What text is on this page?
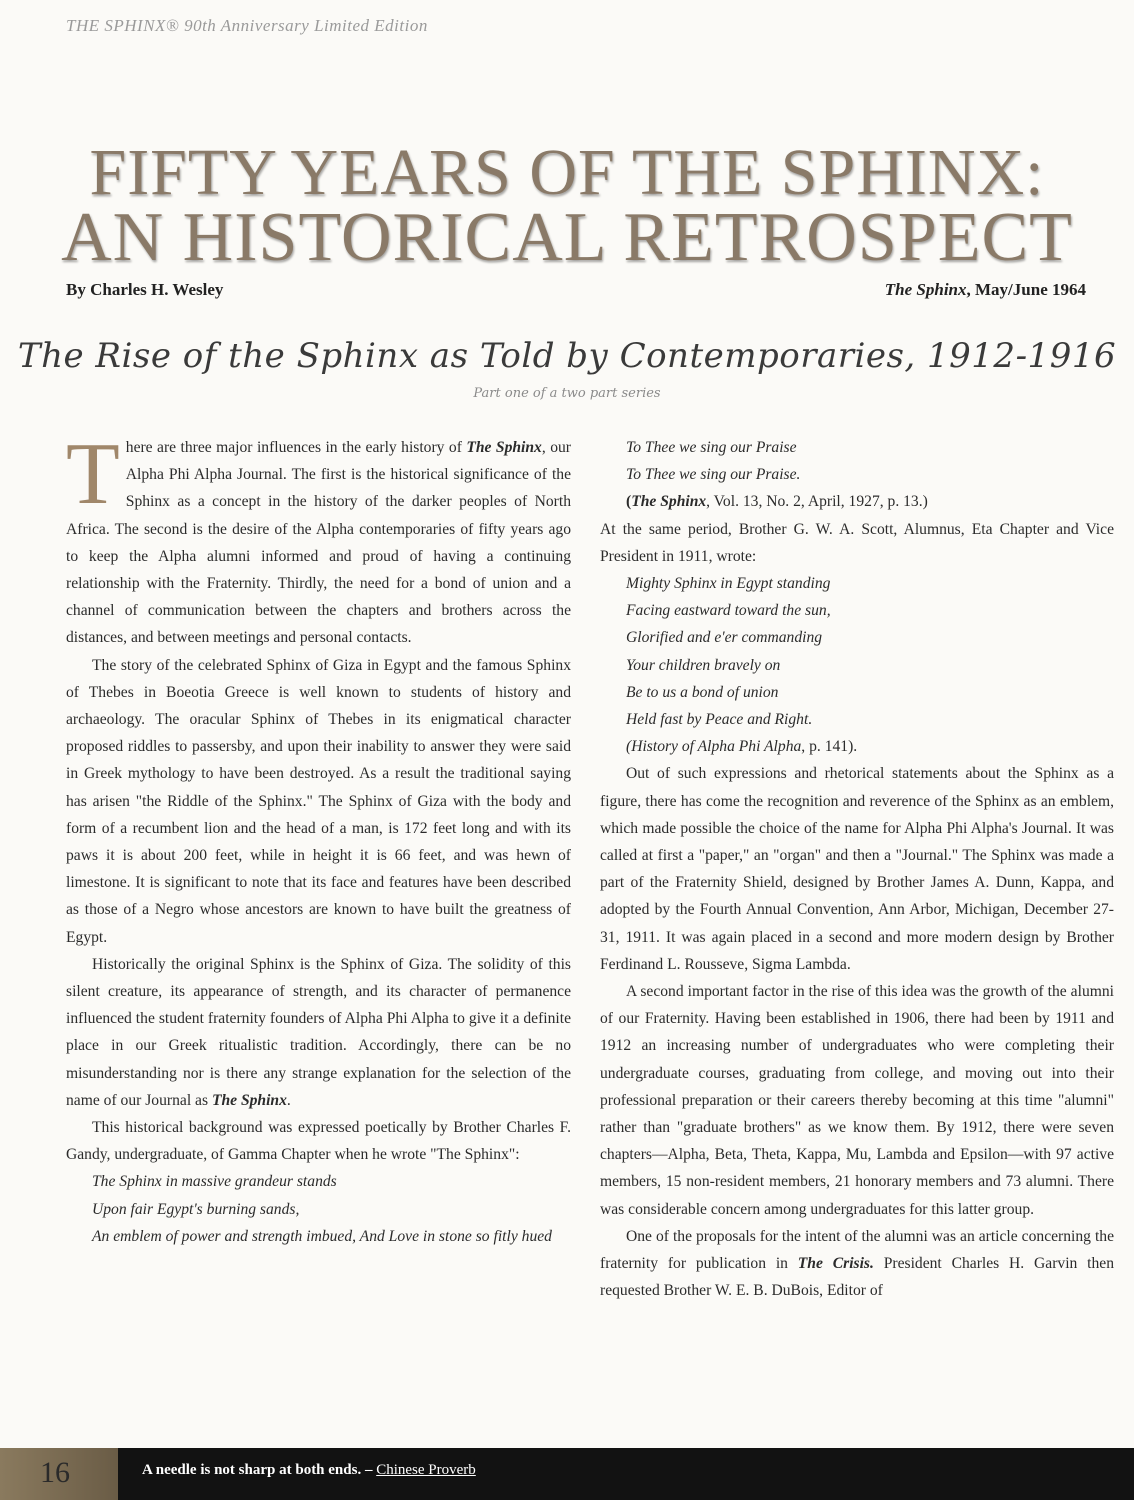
THE SPHINX® 90th Anniversary Limited Edition
FIFTY YEARS OF THE SPHINX:
AN HISTORICAL RETROSPECT
By Charles H. Wesley	The Sphinx, May/June 1964
The Rise of the Sphinx as Told by Contemporaries, 1912-1916
Part one of a two part series

There are three major influences in the early history of The Sphinx, our Alpha Phi Alpha Journal. The first is the historical significance of the Sphinx as a concept in the history of the darker peoples of North Africa. The second is the desire of the Alpha contemporaries of fifty years ago to keep the Alpha alumni informed and proud of having a continuing relationship with the Fraternity. Thirdly, the need for a bond of union and a channel of communication between the chapters and brothers across the distances, and between meetings and personal contacts.

The story of the celebrated Sphinx of Giza in Egypt and the famous Sphinx of Thebes in Boeotia Greece is well known to students of history and archaeology. The oracular Sphinx of Thebes in its enigmatical character proposed riddles to passersby, and upon their inability to answer they were said in Greek mythology to have been destroyed. As a result the traditional saying has arisen "the Riddle of the Sphinx." The Sphinx of Giza with the body and form of a recumbent lion and the head of a man, is 172 feet long and with its paws it is about 200 feet, while in height it is 66 feet, and was hewn of limestone. It is significant to note that its face and features have been described as those of a Negro whose ancestors are known to have built the greatness of Egypt.

Historically the original Sphinx is the Sphinx of Giza. The solidity of this silent creature, its appearance of strength, and its character of permanence influenced the student fraternity founders of Alpha Phi Alpha to give it a definite place in our Greek ritualistic tradition. Accordingly, there can be no misunderstanding nor is there any strange explanation for the selection of the name of our Journal as The Sphinx.

This historical background was expressed poetically by Brother Charles F. Gandy, undergraduate, of Gamma Chapter when he wrote "The Sphinx":

The Sphinx in massive grandeur stands
Upon fair Egypt's burning sands,
An emblem of power and strength imbued, And Love in stone so fitly hued
To Thee we sing our Praise
To Thee we sing our Praise.
(The Sphinx, Vol. 13, No. 2, April, 1927, p. 13.)

At the same period, Brother G. W. A. Scott, Alumnus, Eta Chapter and Vice President in 1911, wrote:

Mighty Sphinx in Egypt standing
Facing eastward toward the sun,
Glorified and e'er commanding
Your children bravely on
Be to us a bond of union
Held fast by Peace and Right.
(History of Alpha Phi Alpha, p. 141).

Out of such expressions and rhetorical statements about the Sphinx as a figure, there has come the recognition and reverence of the Sphinx as an emblem, which made possible the choice of the name for Alpha Phi Alpha's Journal. It was called at first a "paper," an "organ" and then a "Journal." The Sphinx was made a part of the Fraternity Shield, designed by Brother James A. Dunn, Kappa, and adopted by the Fourth Annual Convention, Ann Arbor, Michigan, December 27-31, 1911. It was again placed in a second and more modern design by Brother Ferdinand L. Rousseve, Sigma Lambda.

A second important factor in the rise of this idea was the growth of the alumni of our Fraternity. Having been established in 1906, there had been by 1911 and 1912 an increasing number of undergraduates who were completing their undergraduate courses, graduating from college, and moving out into their professional preparation or their careers thereby becoming at this time "alumni" rather than "graduate brothers" as we know them. By 1912, there were seven chapters—Alpha, Beta, Theta, Kappa, Mu, Lambda and Epsilon—with 97 active members, 15 non-resident members, 21 honorary members and 73 alumni. There was considerable concern among undergraduates for this latter group.

One of the proposals for the intent of the alumni was an article concerning the fraternity for publication in The Crisis. President Charles H. Garvin then requested Brother W. E. B. DuBois, Editor of

16	A needle is not sharp at both ends. – Chinese Proverb
